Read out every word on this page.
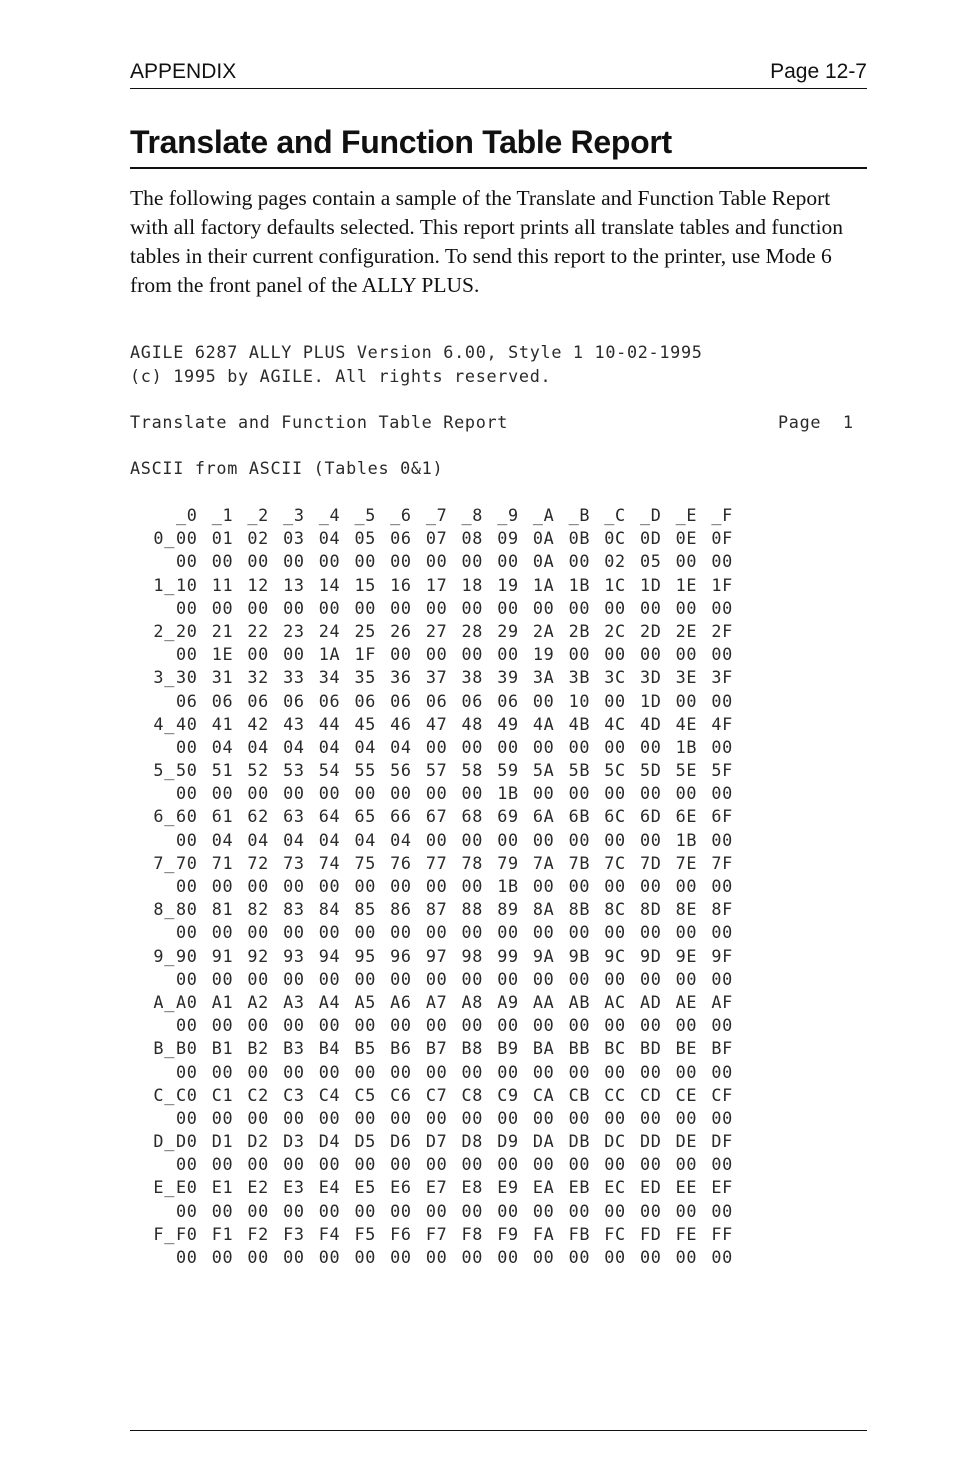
APPENDIX	Page 12-7
Translate and Function Table Report

The following pages contain a sample of the Translate and Function Table Report with all factory defaults selected. This report prints all translate tables and function tables in their current configuration. To send this report to the printer, use Mode 6 from the front panel of the ALLY PLUS.

AGILE 6287 ALLY PLUS Version 6.00, Style 1 10-02-1995
(c) 1995 by AGILE. All rights reserved.
Translate and Function Table Report	Page  1
ASCII from ASCII (Tables 0&1)
_0 _1 _2 _3 _4 _5 _6 _7 _8 _9 _A _B _C _D _E _F
0_00 01 02 03 04 05 06 07 08 09 0A 0B 0C 0D 0E 0F
00 00 00 00 00 00 00 00 00 00 0A 00 02 05 00 00
1_10 11 12 13 14 15 16 17 18 19 1A 1B 1C 1D 1E 1F
00 00 00 00 00 00 00 00 00 00 00 00 00 00 00 00
2_20 21 22 23 24 25 26 27 28 29 2A 2B 2C 2D 2E 2F
00 1E 00 00 1A 1F 00 00 00 00 19 00 00 00 00 00
3_30 31 32 33 34 35 36 37 38 39 3A 3B 3C 3D 3E 3F
06 06 06 06 06 06 06 06 06 06 00 10 00 1D 00 00
4_40 41 42 43 44 45 46 47 48 49 4A 4B 4C 4D 4E 4F
00 04 04 04 04 04 04 00 00 00 00 00 00 00 1B 00
5_50 51 52 53 54 55 56 57 58 59 5A 5B 5C 5D 5E 5F
00 00 00 00 00 00 00 00 00 1B 00 00 00 00 00 00
6_60 61 62 63 64 65 66 67 68 69 6A 6B 6C 6D 6E 6F
00 04 04 04 04 04 04 00 00 00 00 00 00 00 1B 00
7_70 71 72 73 74 75 76 77 78 79 7A 7B 7C 7D 7E 7F
00 00 00 00 00 00 00 00 00 1B 00 00 00 00 00 00
8_80 81 82 83 84 85 86 87 88 89 8A 8B 8C 8D 8E 8F
00 00 00 00 00 00 00 00 00 00 00 00 00 00 00 00
9_90 91 92 93 94 95 96 97 98 99 9A 9B 9C 9D 9E 9F
00 00 00 00 00 00 00 00 00 00 00 00 00 00 00 00
A_A0 A1 A2 A3 A4 A5 A6 A7 A8 A9 AA AB AC AD AE AF
00 00 00 00 00 00 00 00 00 00 00 00 00 00 00 00
B_B0 B1 B2 B3 B4 B5 B6 B7 B8 B9 BA BB BC BD BE BF
00 00 00 00 00 00 00 00 00 00 00 00 00 00 00 00
C_C0 C1 C2 C3 C4 C5 C6 C7 C8 C9 CA CB CC CD CE CF
00 00 00 00 00 00 00 00 00 00 00 00 00 00 00 00
D_D0 D1 D2 D3 D4 D5 D6 D7 D8 D9 DA DB DC DD DE DF
00 00 00 00 00 00 00 00 00 00 00 00 00 00 00 00
E_E0 E1 E2 E3 E4 E5 E6 E7 E8 E9 EA EB EC ED EE EF
00 00 00 00 00 00 00 00 00 00 00 00 00 00 00 00
F_F0 F1 F2 F3 F4 F5 F6 F7 F8 F9 FA FB FC FD FE FF
00 00 00 00 00 00 00 00 00 00 00 00 00 00 00 00
